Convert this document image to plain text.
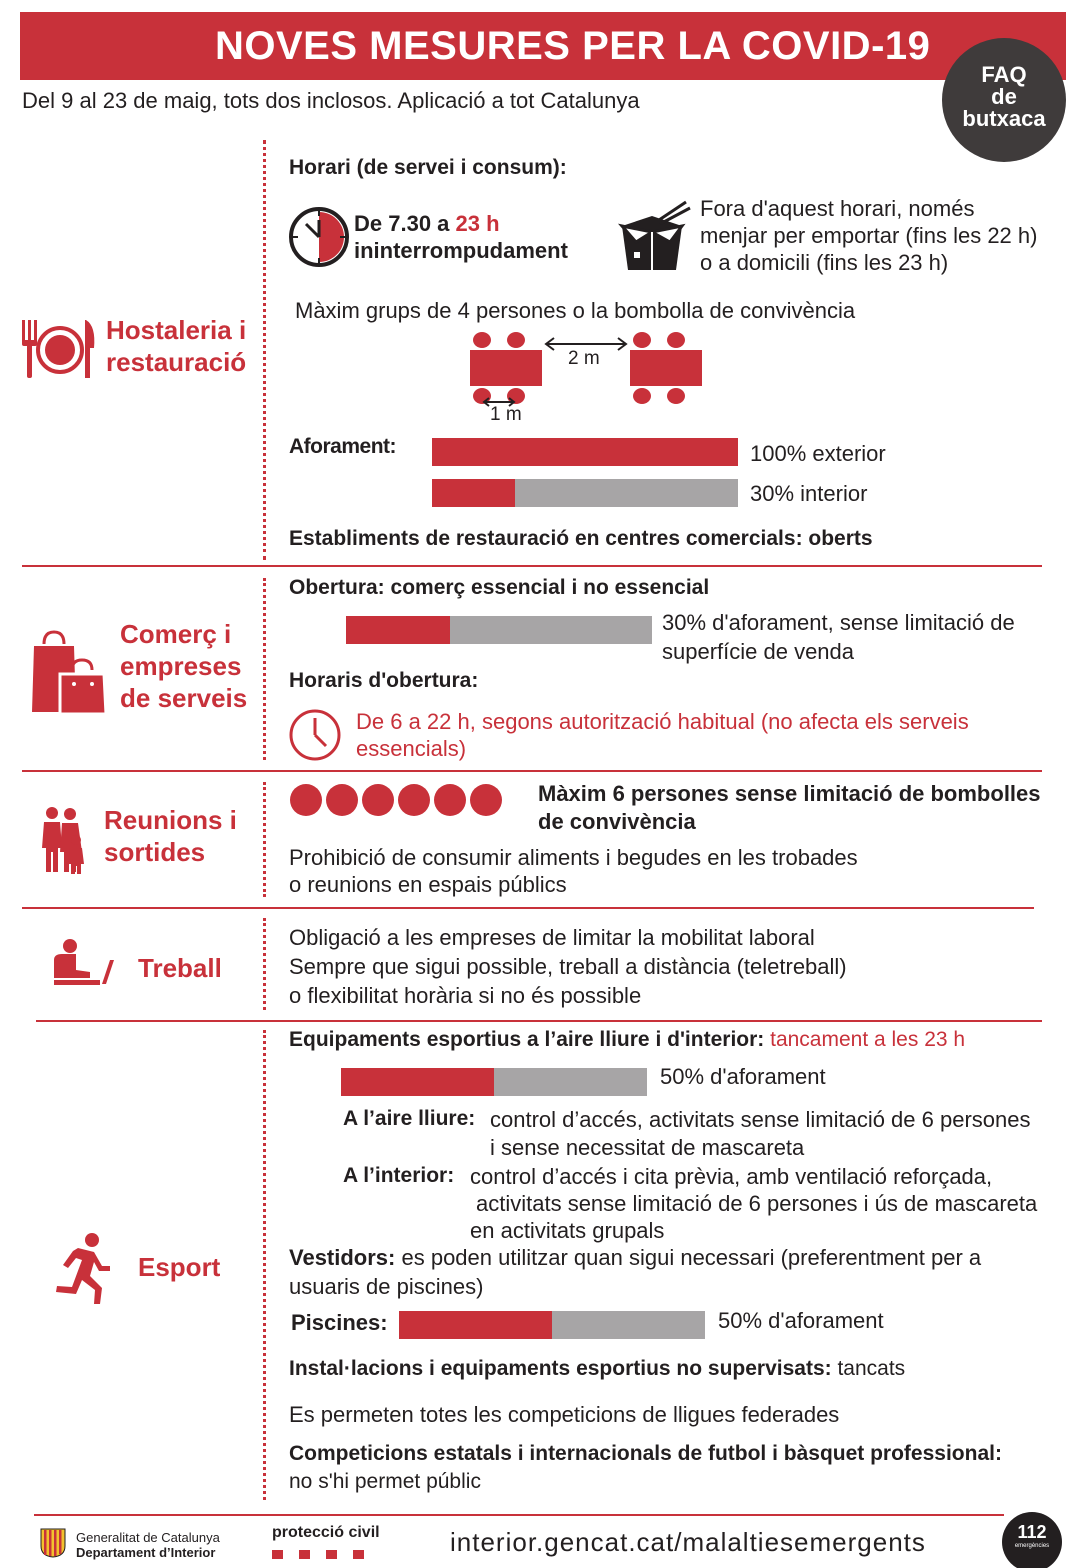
NOVES MESURES PER LA COVID-19
Del 9 al 23 de maig, tots dos inclosos. Aplicació a tot Catalunya
FAQ
de
butxaca
Hostaleria i
restauració
Horari (de servei i consum):
De 7.30 a 23 h
ininterrompudament
Fora d'aquest horari, només
menjar per emportar (fins les 22 h)
o a domicili (fins les 23 h)
Màxim grups de 4 persones o la bombolla de convivència
2 m
1 m
Aforament:	100% exterior
30% interior
Establiments de restauració en centres comercials: oberts
Comerç i
empreses
de serveis
Obertura: comerç essencial i no essencial
30% d'aforament, sense limitació de
superfície de venda
Horaris d'obertura:
De 6 a 22 h, segons autorització habitual (no afecta els serveis
essencials)
Reunions i
sortides
Màxim 6 persones sense limitació de bombolles
de convivència
Prohibició de consumir aliments i begudes en les trobades
o reunions en espais públics
Treball
Obligació a les empreses de limitar la mobilitat laboral
Sempre que sigui possible, treball a distància (teletreball)
o flexibilitat horària si no és possible
Esport
Equipaments esportius a l’aire lliure i d'interior: tancament a les 23 h
50% d'aforament
A l’aire lliure: control d’accés, activitats sense limitació de 6 persones
i sense necessitat de mascareta
A l’interior: control d’accés i cita prèvia, amb ventilació reforçada,
activitats sense limitació de 6 persones i ús de mascareta
en activitats grupals
Vestidors: es poden utilitzar quan sigui necessari (preferentment per a
usuaris de piscines)
Piscines:	50% d'aforament
Instal·lacions i equipaments esportius no supervisats: tancats
Es permeten totes les competicions de lligues federades
Competicions estatals i internacionals de futbol i bàsquet professional:
no s'hi permet públic
Generalitat de Catalunya
Departament d’Interior
protecció civil	interior.gencat.cat/malaltiesemergents	112
emergències
